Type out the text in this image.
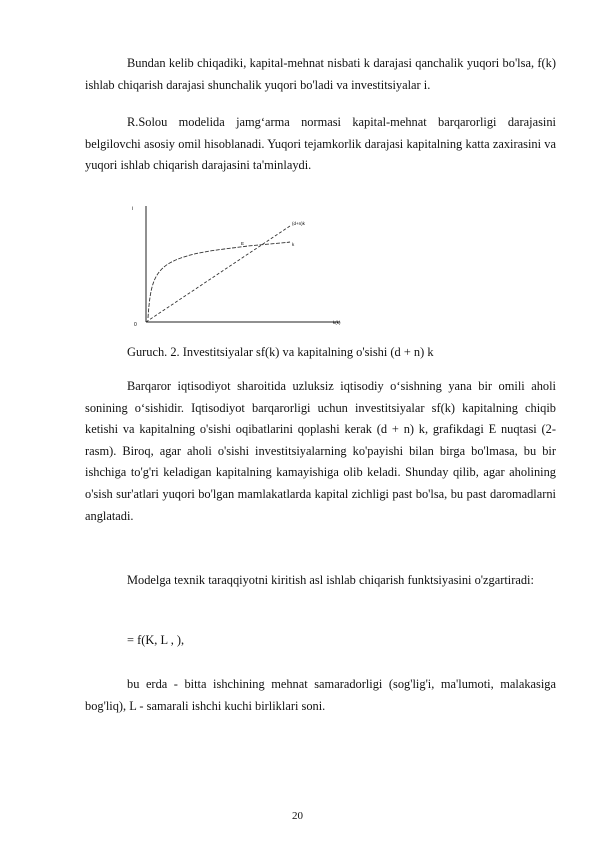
Bundan kelib chiqadiki, kapital-mehnat nisbati k darajasi qanchalik yuqori bo'lsa, f(k) ishlab chiqarish darajasi shunchalik yuqori bo'ladi va investitsiyalar i.

R.Solou modelida jamg‘arma normasi kapital-mehnat barqarorligi darajasini belgilovchi asosiy omil hisoblanadi. Yuqori tejamkorlik darajasi kapitalning katta zaxirasini va yuqori ishlab chiqarish darajasini ta'minlaydi.

i
0	k(k)
(d+n)k
k
E

Guruch. 2. Investitsiyalar sf(k) va kapitalning o'sishi (d + n) k

Barqaror iqtisodiyot sharoitida uzluksiz iqtisodiy o‘sishning yana bir omili aholi sonining o‘sishidir. Iqtisodiyot barqarorligi uchun investitsiyalar sf(k) kapitalning chiqib ketishi va kapitalning o'sishi oqibatlarini qoplashi kerak (d + n) k, grafikdagi E nuqtasi (2-rasm). Biroq, agar aholi o'sishi investitsiyalarning ko'payishi bilan birga bo'lmasa, bu bir ishchiga to'g'ri keladigan kapitalning kamayishiga olib keladi. Shunday qilib, agar aholining o'sish sur'atlari yuqori bo'lgan mamlakatlarda kapital zichligi past bo'lsa, bu past daromadlarni anglatadi.

Modelga texnik taraqqiyotni kiritish asl ishlab chiqarish funktsiyasini o'zgartiradi:

= f(K, L , ),

bu erda - bitta ishchining mehnat samaradorligi (sog'lig'i, ma'lumoti, malakasiga bog'liq), L - samarali ishchi kuchi birliklari soni.

20
